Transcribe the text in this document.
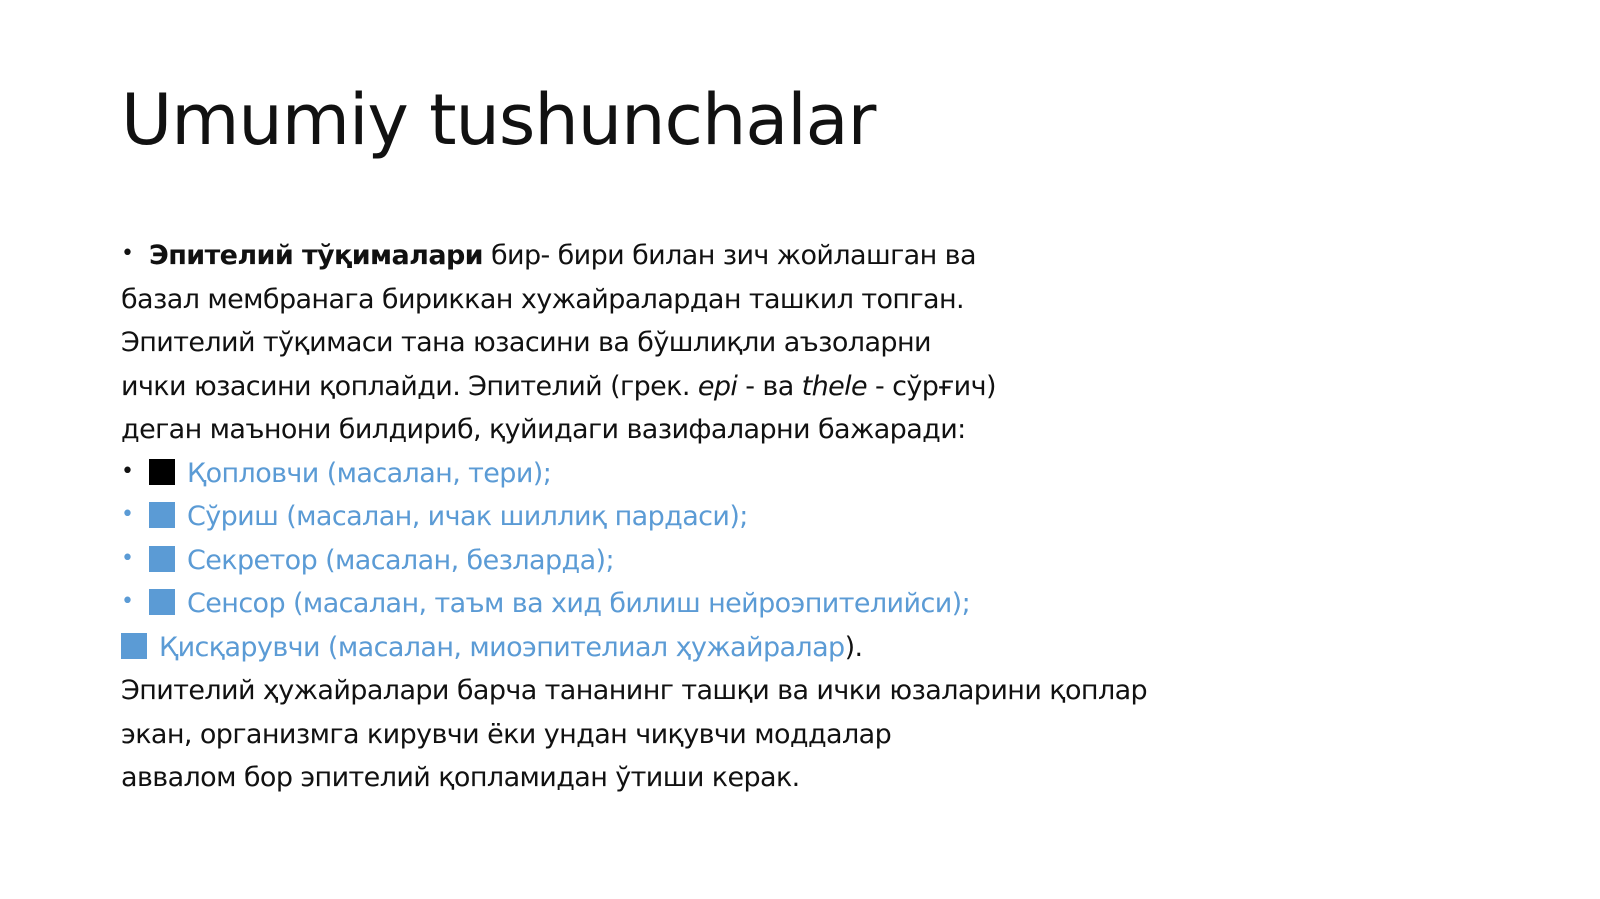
Umumiy tushunchalar
• Эпителий тўқималари бир- бири билан зич жойлашган ва
базал мембранага бириккан хужайралардан ташкил топган.
Эпителий тўқимаси тана юзасини ва бўшлиқли аъзоларни
ички юзасини қоплайди. Эпителий (грек. epi - ва thele - сўрғич)
деган маънони билдириб, қуйидаги вазифаларни бажаради:
• Қопловчи (масалан, тери);
• Сўриш (масалан, ичак шиллиқ пардаси);
• Секретор (масалан, безларда);
• Сенсор (масалан, таъм ва хид билиш нейроэпителийси);
Қисқарувчи (масалан, миоэпителиал ҳужайралар).
Эпителий ҳужайралари барча тананинг ташқи ва ички юзаларини қоплар
экан, организмга кирувчи ёки ундан чиқувчи моддалар
аввалом бор эпителий қопламидан ўтиши керак.
